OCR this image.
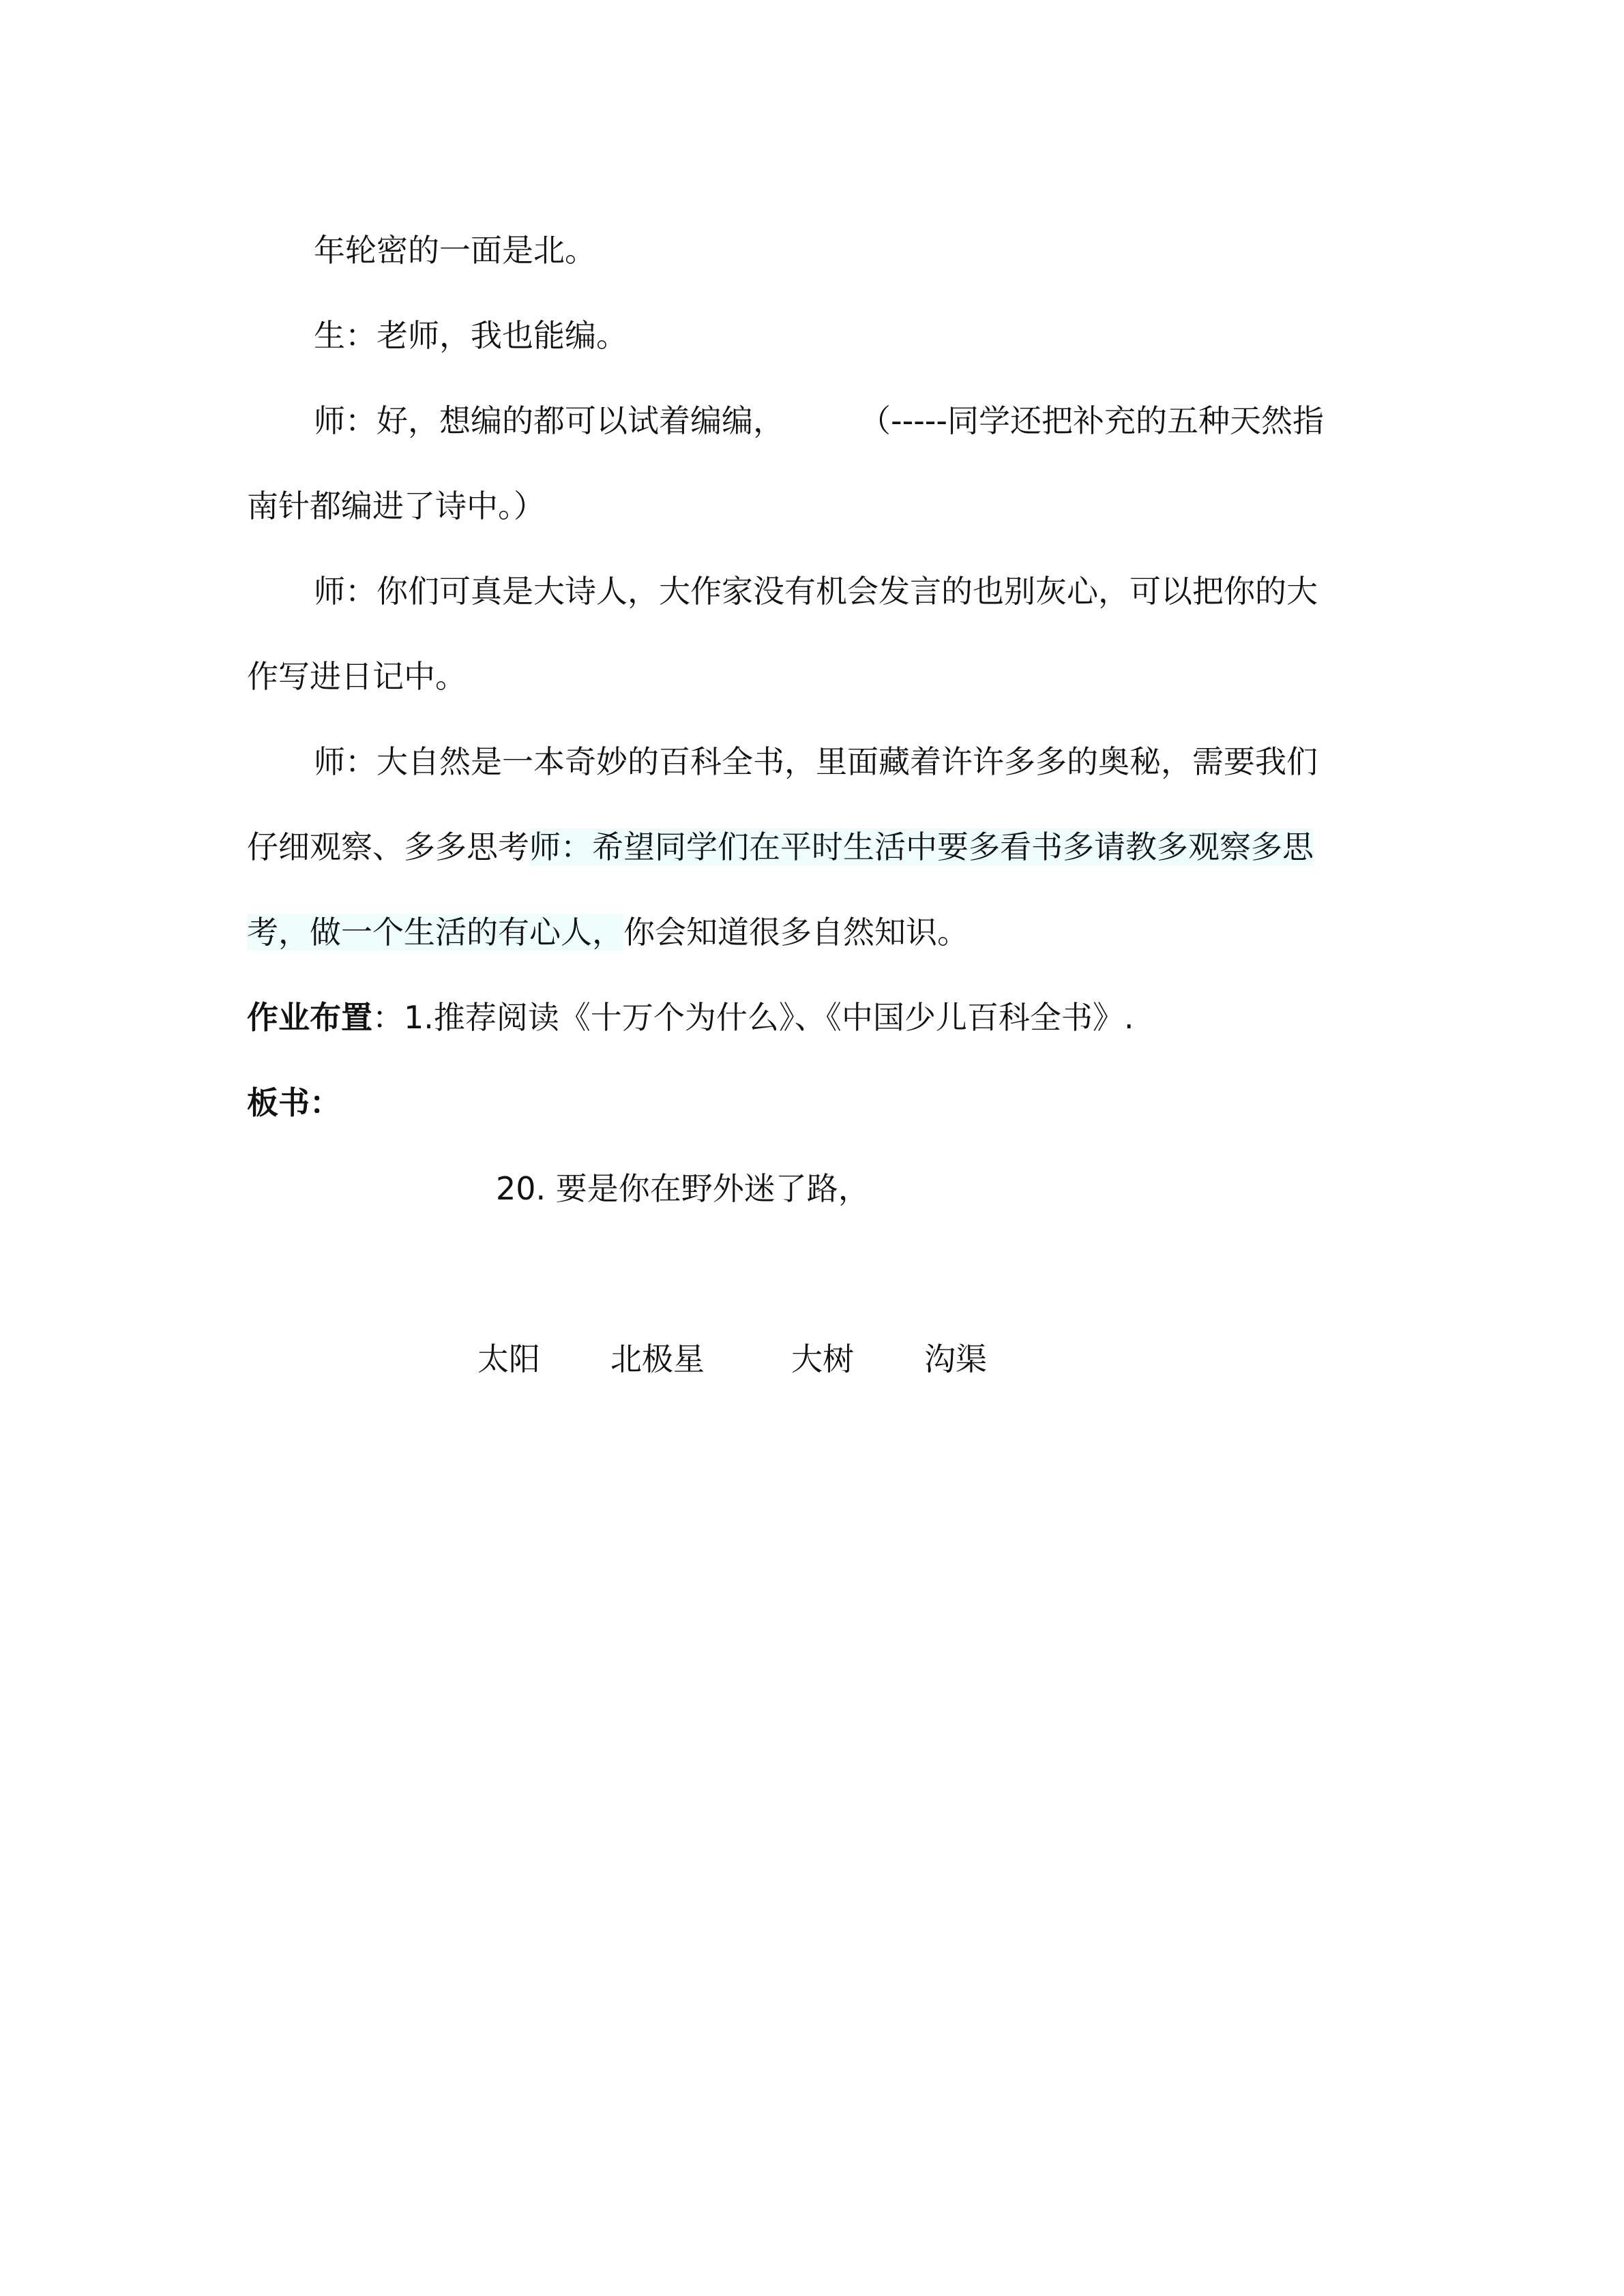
年轮密的一面是北。

生：老师，我也能编。

师：好，想编的都可以试着编编， （-----同学还把补充的五种天然指

南针都编进了诗中。）

师：你们可真是大诗人，大作家没有机会发言的也别灰心，可以把你的大

作写进日记中。

师：大自然是一本奇妙的百科全书，里面藏着许许多多的奥秘，需要我们

仔细观察、多多思考师：希望同学们在平时生活中要多看书多请教多观察多思

考，做一个生活的有心人，你会知道很多自然知识。

作业布置：1.推荐阅读《十万个为什么》、《中国少儿百科全书》.

板书：

20. 要是你在野外迷了路，
太阳 北极星	大树 沟渠
